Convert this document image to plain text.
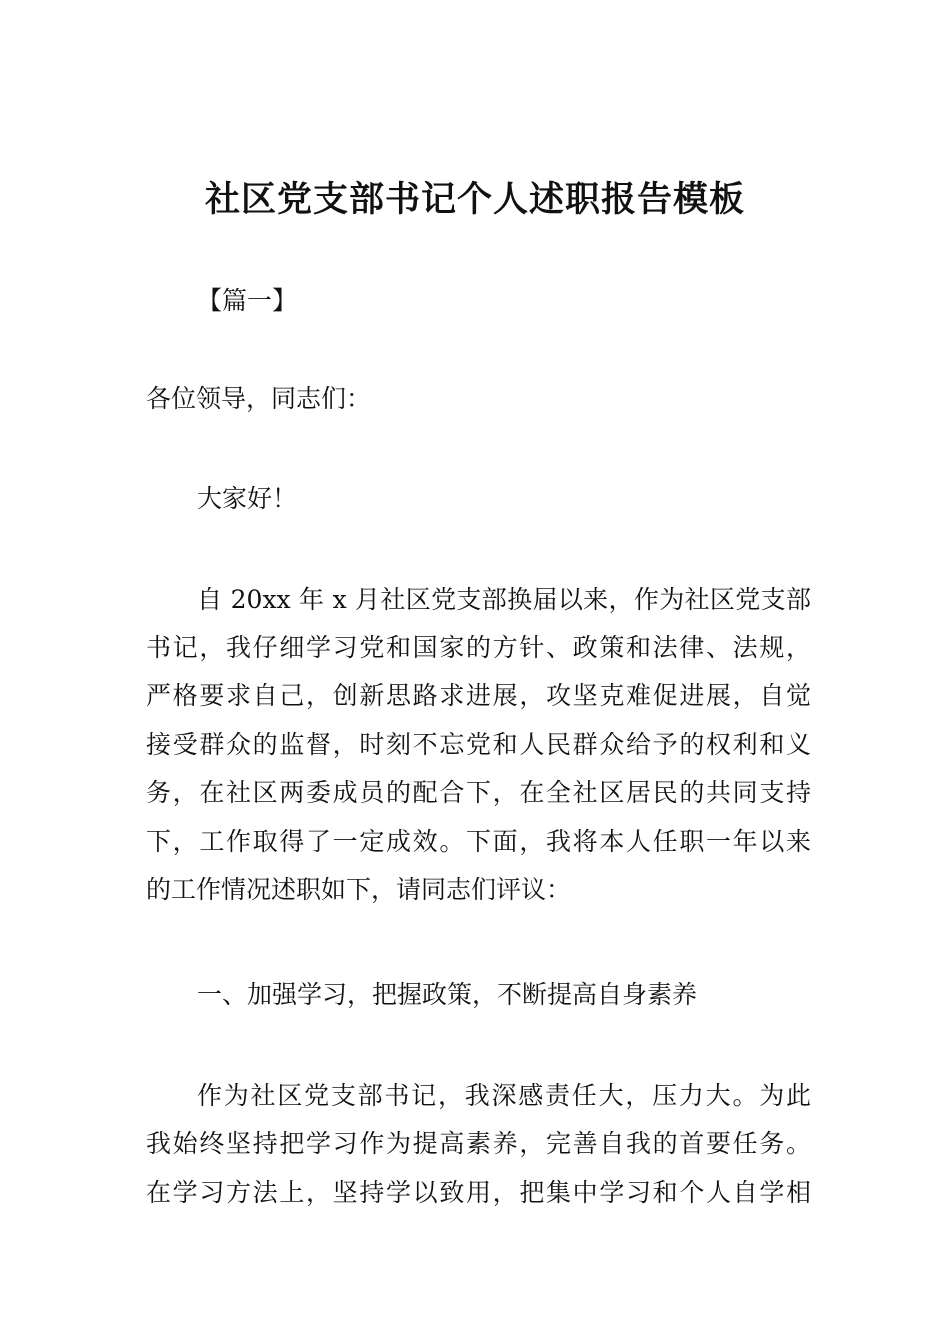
社区党支部书记个人述职报告模板

【篇一】

各位领导，同志们：

大家好！

自 20xx 年 x 月社区党支部换届以来，作为社区党支部

书记，我仔细学习党和国家的方针、政策和法律、法规，

严格要求自己，创新思路求进展，攻坚克难促进展，自觉

接受群众的监督，时刻不忘党和人民群众给予的权利和义

务，在社区两委成员的配合下，在全社区居民的共同支持

下，工作取得了一定成效。下面，我将本人任职一年以来

的工作情况述职如下，请同志们评议：

一、加强学习，把握政策，不断提高自身素养

作为社区党支部书记，我深感责任大，压力大。为此

我始终坚持把学习作为提高素养，完善自我的首要任务。

在学习方法上，坚持学以致用，把集中学习和个人自学相
